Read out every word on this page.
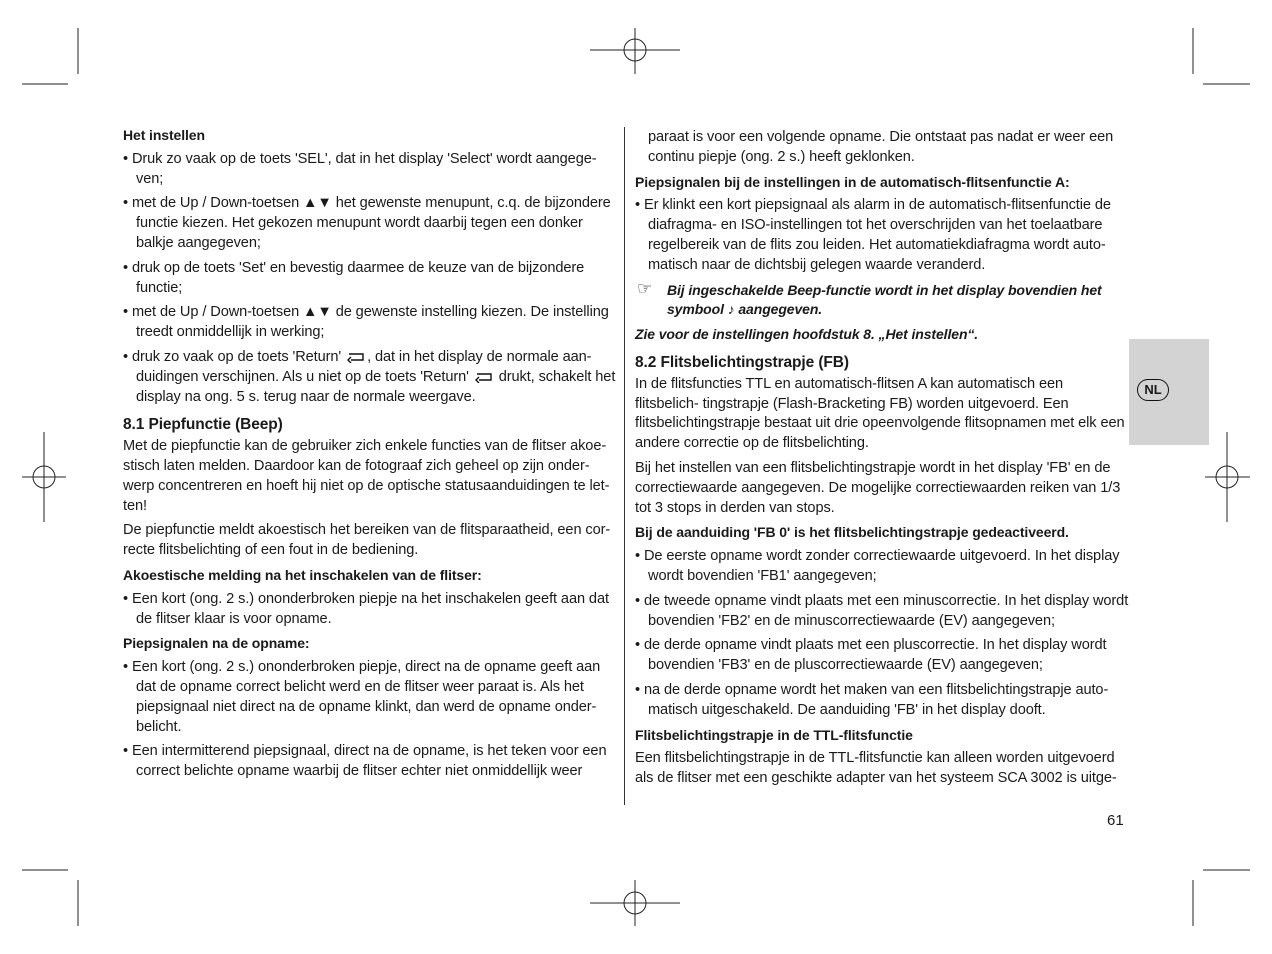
Het instellen

• Druk zo vaak op de toets 'SEL', dat in het display 'Select' wordt aangege- ven;

• met de Up / Down-toetsen ▲▼ het gewenste menupunt, c.q. de bijzondere functie kiezen. Het gekozen menupunt wordt daarbij tegen een donker balkje aangegeven;

• druk op de toets 'Set' en bevestig daarmee de keuze van de bijzondere functie;

• met de Up / Down-toetsen ▲▼ de gewenste instelling kiezen. De instelling treedt onmiddellijk in werking;

• druk zo vaak op de toets 'Return' , dat in het display de normale aan- duidingen verschijnen. Als u niet op de toets 'Return'  drukt, schakelt het display na ong. 5 s. terug naar de normale weergave.

8.1 Piepfunctie (Beep)

Met de piepfunctie kan de gebruiker zich enkele functies van de flitser akoe- stisch laten melden. Daardoor kan de fotograaf zich geheel op zijn onder- werp concentreren en hoeft hij niet op de optische statusaanduidingen te let- ten!

De piepfunctie meldt akoestisch het bereiken van de flitsparaatheid, een cor- recte flitsbelichting of een fout in de bediening.

Akoestische melding na het inschakelen van de flitser:

• Een kort (ong. 2 s.) ononderbroken piepje na het inschakelen geeft aan dat de flitser klaar is voor opname.

Piepsignalen na de opname:

• Een kort (ong. 2 s.) ononderbroken piepje, direct na de opname geeft aan dat de opname correct belicht werd en de flitser weer paraat is. Als het piepsignaal niet direct na de opname klinkt, dan werd de opname onder- belicht.

• Een intermitterend piepsignaal, direct na de opname, is het teken voor een correct belichte opname waarbij de flitser echter niet onmiddellijk weer

paraat is voor een volgende opname. Die ontstaat pas nadat er weer een continu piepje (ong. 2 s.) heeft geklonken.

Piepsignalen bij de instellingen in de automatisch-flitsenfunctie A:

• Er klinkt een kort piepsignaal als alarm in de automatisch-flitsenfunctie de diafragma- en ISO-instellingen tot het overschrijden van het toelaatbare regelbereik van de flits zou leiden. Het automatiekdiafragma wordt auto- matisch naar de dichtsbij gelegen waarde veranderd.

☞ Bij ingeschakelde Beep-functie wordt in het display bovendien het symbool ♪ aangegeven.

Zie voor de instellingen hoofdstuk 8. „Het instellen“.

8.2 Flitsbelichtingstrapje (FB)

In de flitsfuncties TTL en automatisch-flitsen A kan automatisch een flitsbelich- tingstrapje (Flash-Bracketing FB) worden uitgevoerd. Een flitsbelichtingstrapje bestaat uit drie opeenvolgende flitsopnamen met elk een andere correctie op de flitsbelichting.

Bij het instellen van een flitsbelichtingstrapje wordt in het display 'FB' en de correctiewaarde aangegeven. De mogelijke correctiewaarden reiken van 1/3 tot 3 stops in derden van stops.

Bij de aanduiding 'FB 0' is het flitsbelichtingstrapje gedeactiveerd.

• De eerste opname wordt zonder correctiewaarde uitgevoerd. In het display wordt bovendien 'FB1' aangegeven;

• de tweede opname vindt plaats met een minuscorrectie. In het display wordt bovendien 'FB2' en de minuscorrectiewaarde (EV) aangegeven;

• de derde opname vindt plaats met een pluscorrectie. In het display wordt bovendien 'FB3' en de pluscorrectiewaarde (EV) aangegeven;

• na de derde opname wordt het maken van een flitsbelichtingstrapje auto- matisch uitgeschakeld. De aanduiding 'FB' in het display dooft.

Flitsbelichtingstrapje in de TTL-flitsfunctie

Een flitsbelichtingstrapje in de TTL-flitsfunctie kan alleen worden uitgevoerd als de flitser met een geschikte adapter van het systeem SCA 3002 is uitge-

NL
61
